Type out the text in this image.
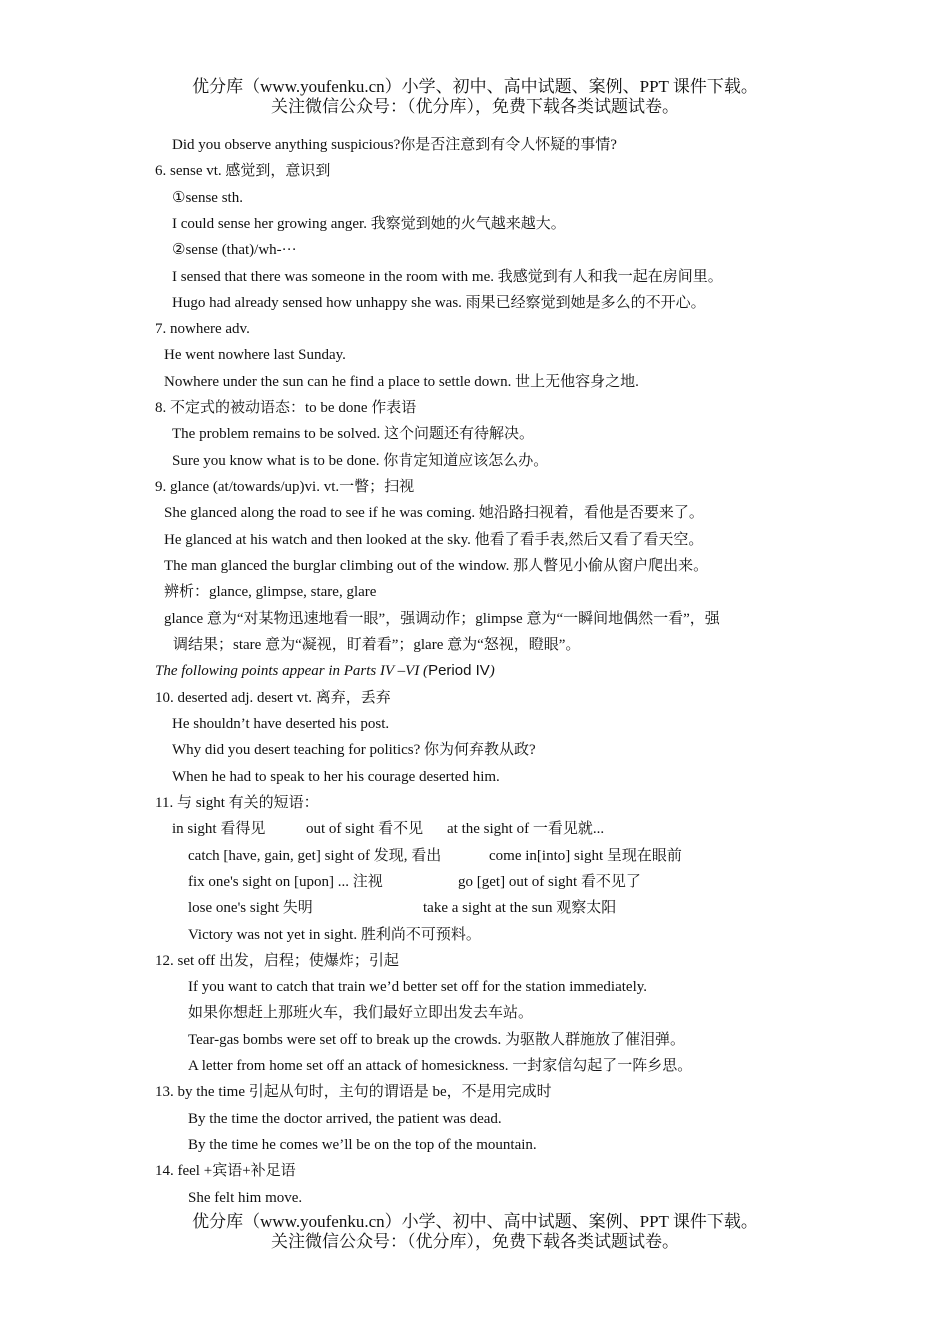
优分库（www.youfenku.cn）小学、初中、高中试题、案例、PPT 课件下载。
关注微信公众号：（优分库），免费下载各类试题试卷。
Did you observe anything suspicious?你是否注意到有令人怀疑的事情?
6. sense vt. 感觉到，意识到
①sense sth.
I could sense her growing anger. 我察觉到她的火气越来越大。
②sense (that)/wh-···
I sensed that there was someone in the room with me. 我感觉到有人和我一起在房间里。
Hugo had already sensed how unhappy she was. 雨果已经察觉到她是多么的不开心。
7. nowhere adv.
He went nowhere last Sunday.
Nowhere under the sun can he find a place to settle down. 世上无他容身之地.
8. 不定式的被动语态：to be done 作表语
The problem remains to be solved. 这个问题还有待解决。
Sure you know what is to be done. 你肯定知道应该怎么办。
9. glance (at/towards/up)vi. vt.一瞥；扫视
She glanced along the road to see if he was coming. 她沿路扫视着，看他是否要来了。
He glanced at his watch and then looked at the sky. 他看了看手表,然后又看了看天空。
The man glanced the burglar climbing out of the window. 那人瞥见小偷从窗户爬出来。
辨析：glance, glimpse, stare, glare
glance 意为“对某物迅速地看一眼”，强调动作；glimpse 意为“一瞬间地偶然一看”，强
调结果；stare 意为“凝视，盯着看”；glare 意为“怒视，瞪眼”。
The following points appear in Parts IV –VI (Period IV)
10. deserted adj. desert vt. 离弃，丢弃
He shouldn’t have deserted his post.
Why did you desert teaching for politics? 你为何弃教从政?
When he had to speak to her his courage deserted him.
11. 与 sight 有关的短语：
in sight 看得见	out of sight 看不见 at the sight of 一看见就...
catch [have, gain, get] sight of 发现, 看出	come in[into] sight 呈现在眼前
fix one's sight on [upon] ... 注视	go [get] out of sight 看不见了
lose one's sight 失明	take a sight at the sun 观察太阳
Victory was not yet in sight. 胜利尚不可预料。
12. set off 出发，启程；使爆炸；引起
If you want to catch that train we’d better set off for the station immediately.
如果你想赶上那班火车，我们最好立即出发去车站。
Tear-gas bombs were set off to break up the crowds. 为驱散人群施放了催泪弹。
A letter from home set off an attack of homesickness. 一封家信勾起了一阵乡思。
13. by the time 引起从句时，主句的谓语是 be，不是用完成时
By the time the doctor arrived, the patient was dead.
By the time he comes we’ll be on the top of the mountain.
14. feel +宾语+补足语
She felt him move.
优分库（www.youfenku.cn）小学、初中、高中试题、案例、PPT 课件下载。
关注微信公众号：（优分库），免费下载各类试题试卷。
